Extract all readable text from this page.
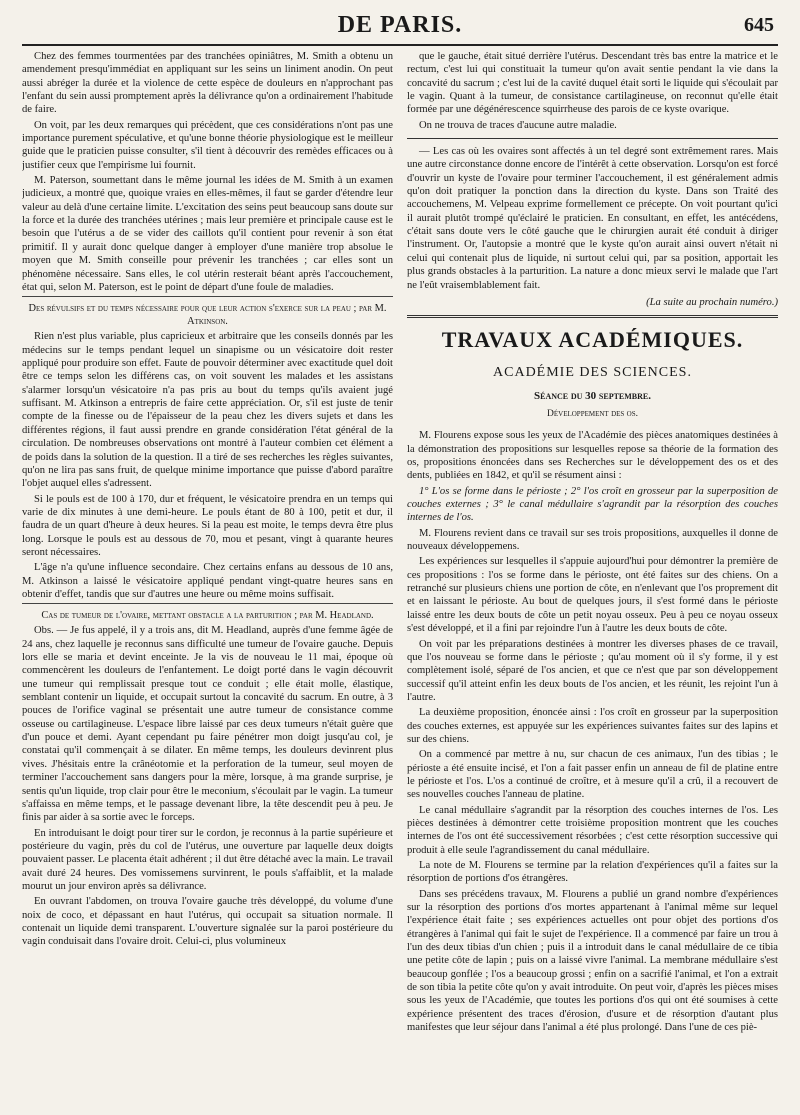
DE PARIS.	645

Chez des femmes tourmentées par des tranchées opiniâtres, M. Smith a obtenu un amendement presqu'immédiat en appliquant sur les seins un liniment anodin. On peut aussi abréger la durée et la violence de cette espèce de douleurs en n'approchant pas l'enfant du sein aussi promptement après la délivrance qu'on a ordinairement l'habitude de faire.

On voit, par les deux remarques qui précèdent, que ces considérations n'ont pas une importance purement spéculative, et qu'une bonne théorie physiologique est le meilleur guide que le praticien puisse consulter, s'il tient à découvrir des remèdes efficaces ou à justifier ceux que l'empirisme lui fournit.

M. Paterson, soumettant dans le même journal les idées de M. Smith à un examen judicieux, a montré que, quoique vraies en elles-mêmes, il faut se garder d'étendre leur valeur au delà d'une certaine limite. L'excitation des seins peut beaucoup sans doute sur la force et la durée des tranchées utérines ; mais leur première et principale cause est le besoin que l'utérus a de se vider des caillots qu'il contient pour revenir à son état primitif. Il y aurait donc quelque danger à employer d'une manière trop absolue le moyen que M. Smith conseille pour prévenir les tranchées ; car elles sont un phénomène nécessaire. Sans elles, le col utérin resterait béant après l'accouchement, état qui, selon M. Paterson, est le point de départ d'une foule de maladies.

Des révulsifs et du temps nécessaire pour que leur action s'exerce sur la peau ; par M. Atkinson.

Rien n'est plus variable, plus capricieux et arbitraire que les conseils donnés par les médecins sur le temps pendant lequel un sinapisme ou un vésicatoire doit rester appliqué pour produire son effet. Faute de pouvoir déterminer avec exactitude quel doit être ce temps selon les différens cas, on voit souvent les malades et les assistans s'alarmer lorsqu'un vésicatoire n'a pas pris au bout du temps qu'ils avaient jugé suffisant. M. Atkinson a entrepris de faire cette appréciation. Or, s'il est juste de tenir compte de la finesse ou de l'épaisseur de la peau chez les divers sujets et dans les différentes régions, il faut aussi prendre en grande considération l'état général de la circulation. De nombreuses observations ont montré à l'auteur combien cet élément a de poids dans la solution de la question. Il a tiré de ses recherches les règles suivantes, qu'on ne lira pas sans fruit, de quelque minime importance que puisse d'abord paraître l'objet auquel elles s'adressent.

Si le pouls est de 100 à 170, dur et fréquent, le vésicatoire prendra en un temps qui varie de dix minutes à une demi-heure. Le pouls étant de 80 à 100, petit et dur, il faudra de un quart d'heure à deux heures. Si la peau est moite, le temps devra être plus long. Lorsque le pouls est au dessous de 70, mou et pesant, vingt à quarante heures seront nécessaires.

L'âge n'a qu'une influence secondaire. Chez certains enfans au dessous de 10 ans, M. Atkinson a laissé le vésicatoire appliqué pendant vingt-quatre heures sans en obtenir d'effet, tandis que sur d'autres une heure ou même moins suffisait.

Cas de tumeur de l'ovaire, mettant obstacle a la parturition ; par M. Headland.

Obs. — Je fus appelé, il y a trois ans, dit M. Headland, auprès d'une femme âgée de 24 ans, chez laquelle je reconnus sans difficulté une tumeur de l'ovaire gauche. Depuis lors elle se maria et devint enceinte. Je la vis de nouveau le 11 mai, époque où commencèrent les douleurs de l'enfantement. Le doigt porté dans le vagin découvrit une tumeur qui remplissait presque tout ce conduit ; elle était molle, élastique, semblant contenir un liquide, et occupait surtout la concavité du sacrum. En outre, à 3 pouces de l'orifice vaginal se présentait une autre tumeur de consistance comme osseuse ou cartilagineuse. L'espace libre laissé par ces deux tumeurs n'était guère que d'un pouce et demi. Ayant cependant pu faire pénétrer mon doigt jusqu'au col, je constatai qu'il commençait à se dilater. En même temps, les douleurs devinrent plus vives. J'hésitais entre la crânéotomie et la perforation de la tumeur, seul moyen de terminer l'accouchement sans dangers pour la mère, lorsque, à ma grande surprise, je sentis qu'un liquide, trop clair pour être le meconium, s'écoulait par le vagin. La tumeur s'affaissa en même temps, et le passage devenant libre, la tête descendit peu à peu. Je finis par aider à sa sortie avec le forceps.

En introduisant le doigt pour tirer sur le cordon, je reconnus à la partie supérieure et postérieure du vagin, près du col de l'utérus, une ouverture par laquelle deux doigts pouvaient passer. Le placenta était adhérent ; il dut être détaché avec la main. Le travail avait duré 24 heures. Des vomissemens survinrent, le pouls s'affaiblit, et la malade mourut un jour environ après sa délivrance.

En ouvrant l'abdomen, on trouva l'ovaire gauche très développé, du volume d'une noix de coco, et dépassant en haut l'utérus, qui occupait sa situation normale. Il contenait un liquide demi transparent. L'ouverture signalée sur la paroi postérieure du vagin conduisait dans l'ovaire droit. Celui-ci, plus volumineux

que le gauche, était situé derrière l'utérus. Descendant très bas entre la matrice et le rectum, c'est lui qui constituait la tumeur qu'on avait sentie pendant la vie dans la concavité du sacrum ; c'est lui de la cavité duquel était sorti le liquide qui s'écoulait par le vagin. Quant à la tumeur, de consistance cartilagineuse, on reconnut qu'elle était formée par une dégénérescence squirrheuse des parois de ce kyste ovarique.

On ne trouva de traces d'aucune autre maladie.

— Les cas où les ovaires sont affectés à un tel degré sont extrêmement rares. Mais une autre circonstance donne encore de l'intérêt à cette observation. Lorsqu'on est forcé d'ouvrir un kyste de l'ovaire pour terminer l'accouchement, il est généralement admis qu'on doit pratiquer la ponction dans la direction du kyste. Dans son Traité des accouchemens, M. Velpeau exprime formellement ce précepte. On voit pourtant qu'ici il aurait plutôt trompé qu'éclairé le praticien. En consultant, en effet, les antécédens, c'était sans doute vers le côté gauche que le chirurgien aurait été conduit à diriger l'instrument. Or, l'autopsie a montré que le kyste qu'on aurait ainsi ouvert n'était ni celui qui contenait plus de liquide, ni surtout celui qui, par sa position, apportait les plus grands obstacles à la parturition. La nature a donc mieux servi le malade que l'art ne l'eût vraisemblablement fait.

(La suite au prochain numéro.)
TRAVAUX ACADÉMIQUES.
ACADÉMIE DES SCIENCES.
Séance du 30 septembre.
Développement des os.

M. Flourens expose sous les yeux de l'Académie des pièces anatomiques destinées à la démonstration des propositions sur lesquelles repose sa théorie de la formation des os, propositions énoncées dans ses Recherches sur le développement des os et des dents, publiées en 1842, et qu'il se résument ainsi :

1° L'os se forme dans le périoste ; 2° l'os croît en grosseur par la superposition de couches externes ; 3° le canal médullaire s'agrandit par la résorption des couches internes de l'os.

M. Flourens revient dans ce travail sur ses trois propositions, auxquelles il donne de nouveaux développemens.

Les expériences sur lesquelles il s'appuie aujourd'hui pour démontrer la première de ces propositions : l'os se forme dans le périoste, ont été faites sur des chiens. On a retranché sur plusieurs chiens une portion de côte, en n'enlevant que l'os proprement dit et en laissant le périoste. Au bout de quelques jours, il s'est formé dans le périoste laissé entre les deux bouts de côte un petit noyau osseux. Peu à peu ce noyau osseux s'est développé, et il a fini par rejoindre l'un à l'autre les deux bouts de côte.

On voit par les préparations destinées à montrer les diverses phases de ce travail, que l'os nouveau se forme dans le périoste ; qu'au moment où il s'y forme, il y est complètement isolé, séparé de l'os ancien, et que ce n'est que par son développement successif qu'il atteint enfin les deux bouts de l'os ancien, et les réunit, les rejoint l'un à l'autre.

La deuxième proposition, énoncée ainsi : l'os croît en grosseur par la superposition des couches externes, est appuyée sur les expériences suivantes faites sur des lapins et sur des chiens.

On a commencé par mettre à nu, sur chacun de ces animaux, l'un des tibias ; le périoste a été ensuite incisé, et l'on a fait passer enfin un anneau de fil de platine entre le périoste et l'os. L'os a continué de croître, et à mesure qu'il a crû, il a recouvert de ses nouvelles couches l'anneau de platine.

Le canal médullaire s'agrandit par la résorption des couches internes de l'os. Les pièces destinées à démontrer cette troisième proposition montrent que les couches internes de l'os ont été successivement résorbées ; c'est cette résorption successive qui produit à elle seule l'agrandissement du canal médullaire.

La note de M. Flourens se termine par la relation d'expériences qu'il a faites sur la résorption de portions d'os étrangères.

Dans ses précédens travaux, M. Flourens a publié un grand nombre d'expériences sur la résorption des portions d'os mortes appartenant à l'animal même sur lequel l'expérience était faite ; ses expériences actuelles ont pour objet des portions d'os étrangères à l'animal qui fait le sujet de l'expérience. Il a commencé par faire un trou à l'un des deux tibias d'un chien ; puis il a introduit dans le canal médullaire de ce tibia une petite côte de lapin ; puis on a laissé vivre l'animal. La membrane médullaire s'est beaucoup gonflée ; l'os a beaucoup grossi ; enfin on a sacrifié l'animal, et l'on a extrait de son tibia la petite côte qu'on y avait introduite. On peut voir, d'après les pièces mises sous les yeux de l'Académie, que toutes les portions d'os qui ont été soumises à cette expérience présentent des traces d'érosion, d'usure et de résorption d'autant plus manifestes que leur séjour dans l'animal a été plus prolongé. Dans l'une de ces piè-
